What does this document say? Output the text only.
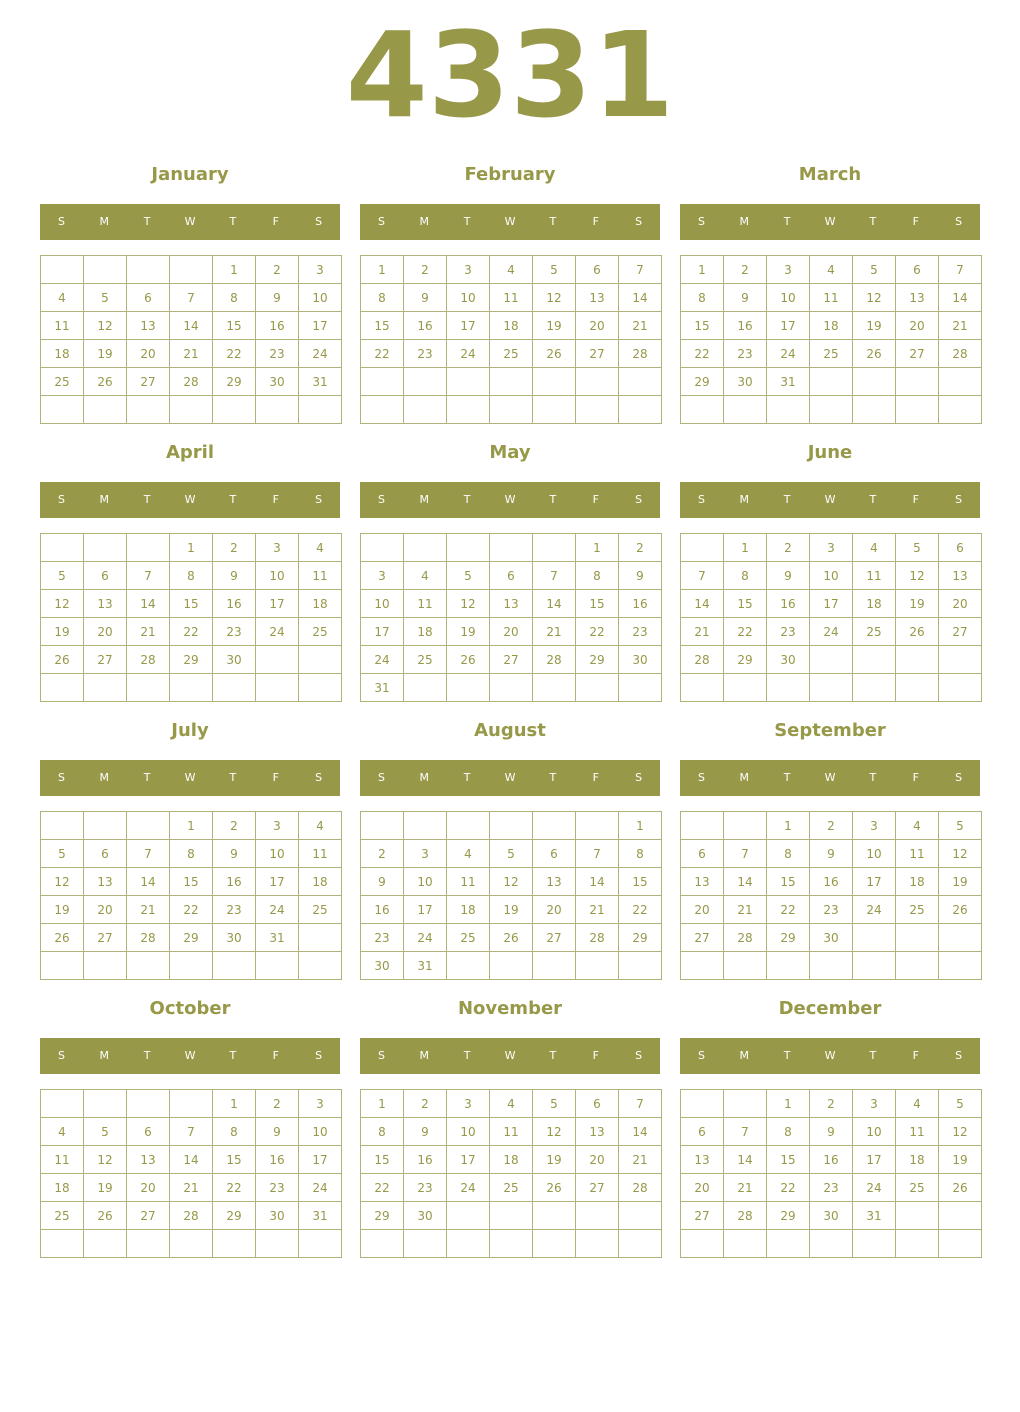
4331
January
S	M	T	W	T	F	S
				1	2	3
4	5	6	7	8	9	10
11	12	13	14	15	16	17
18	19	20	21	22	23	24
25	26	27	28	29	30	31

February
S	M	T	W	T	F	S
1	2	3	4	5	6	7
8	9	10	11	12	13	14
15	16	17	18	19	20	21
22	23	24	25	26	27	28

March
S	M	T	W	T	F	S
1	2	3	4	5	6	7
8	9	10	11	12	13	14
15	16	17	18	19	20	21
22	23	24	25	26	27	28
29	30	31				

April
S	M	T	W	T	F	S
			1	2	3	4
5	6	7	8	9	10	11
12	13	14	15	16	17	18
19	20	21	22	23	24	25
26	27	28	29	30		

May
S	M	T	W	T	F	S
					1	2
3	4	5	6	7	8	9
10	11	12	13	14	15	16
17	18	19	20	21	22	23
24	25	26	27	28	29	30
31						
June
S	M	T	W	T	F	S
	1	2	3	4	5	6
7	8	9	10	11	12	13
14	15	16	17	18	19	20
21	22	23	24	25	26	27
28	29	30				

July
S	M	T	W	T	F	S
			1	2	3	4
5	6	7	8	9	10	11
12	13	14	15	16	17	18
19	20	21	22	23	24	25
26	27	28	29	30	31	

August
S	M	T	W	T	F	S
						1
2	3	4	5	6	7	8
9	10	11	12	13	14	15
16	17	18	19	20	21	22
23	24	25	26	27	28	29
30	31					
September
S	M	T	W	T	F	S
		1	2	3	4	5
6	7	8	9	10	11	12
13	14	15	16	17	18	19
20	21	22	23	24	25	26
27	28	29	30			

October
S	M	T	W	T	F	S
				1	2	3
4	5	6	7	8	9	10
11	12	13	14	15	16	17
18	19	20	21	22	23	24
25	26	27	28	29	30	31

November
S	M	T	W	T	F	S
1	2	3	4	5	6	7
8	9	10	11	12	13	14
15	16	17	18	19	20	21
22	23	24	25	26	27	28
29	30					

December
S	M	T	W	T	F	S
		1	2	3	4	5
6	7	8	9	10	11	12
13	14	15	16	17	18	19
20	21	22	23	24	25	26
27	28	29	30	31		
